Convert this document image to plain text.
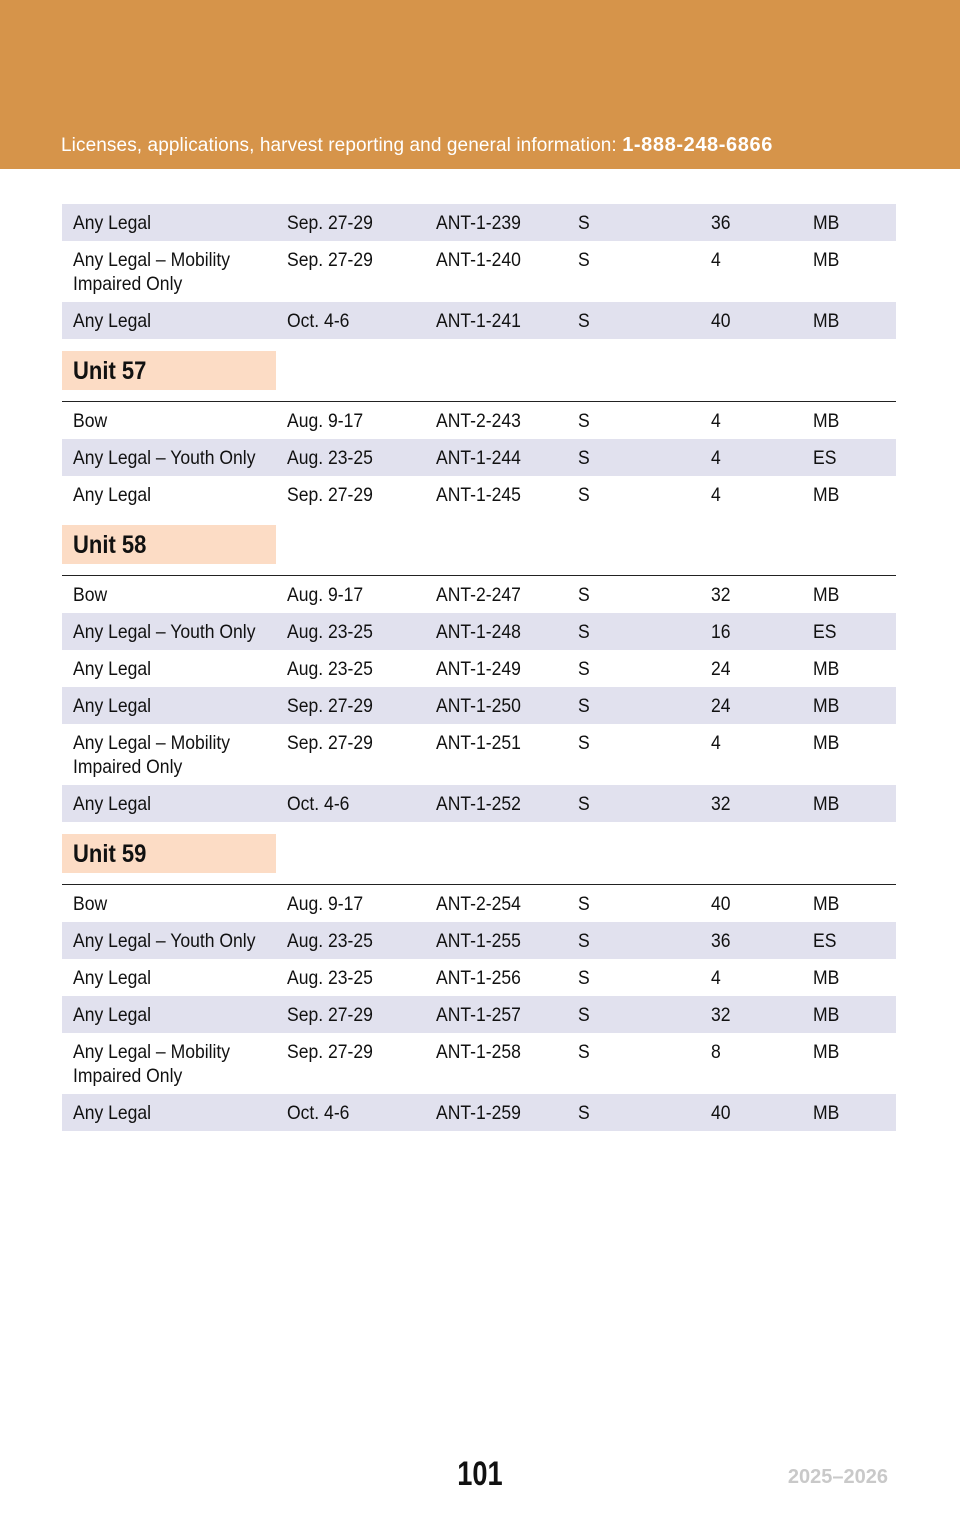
Licenses, applications, harvest reporting and general information: 1-888-248-6866
Any Legal	Sep. 27-29	ANT-1-239	S	36	MB
Any Legal – Mobility
Impaired Only
Sep. 27-29	ANT-1-240	S	4	MB
Any Legal	Oct. 4-6	ANT-1-241	S	40	MB
Unit 57
Bow	Aug. 9-17	ANT-2-243	S	4	MB
Any Legal – Youth Only Aug. 23-25	ANT-1-244	S	4	ES
Any Legal	Sep. 27-29	ANT-1-245	S	4	MB
Unit 58
Bow	Aug. 9-17	ANT-2-247	S	32	MB
Any Legal – Youth Only Aug. 23-25	ANT-1-248	S	16	ES
Any Legal	Aug. 23-25	ANT-1-249	S	24	MB
Any Legal	Sep. 27-29	ANT-1-250	S	24	MB
Any Legal – Mobility
Impaired Only
Sep. 27-29	ANT-1-251	S	4	MB
Any Legal	Oct. 4-6	ANT-1-252	S	32	MB
Unit 59
Bow	Aug. 9-17	ANT-2-254	S	40	MB
Any Legal – Youth Only Aug. 23-25	ANT-1-255	S	36	ES
Any Legal	Aug. 23-25	ANT-1-256	S	4	MB
Any Legal	Sep. 27-29	ANT-1-257	S	32	MB
Any Legal – Mobility
Impaired Only
Sep. 27-29	ANT-1-258	S	8	MB
Any Legal	Oct. 4-6	ANT-1-259	S	40	MB
101	2025–2026
